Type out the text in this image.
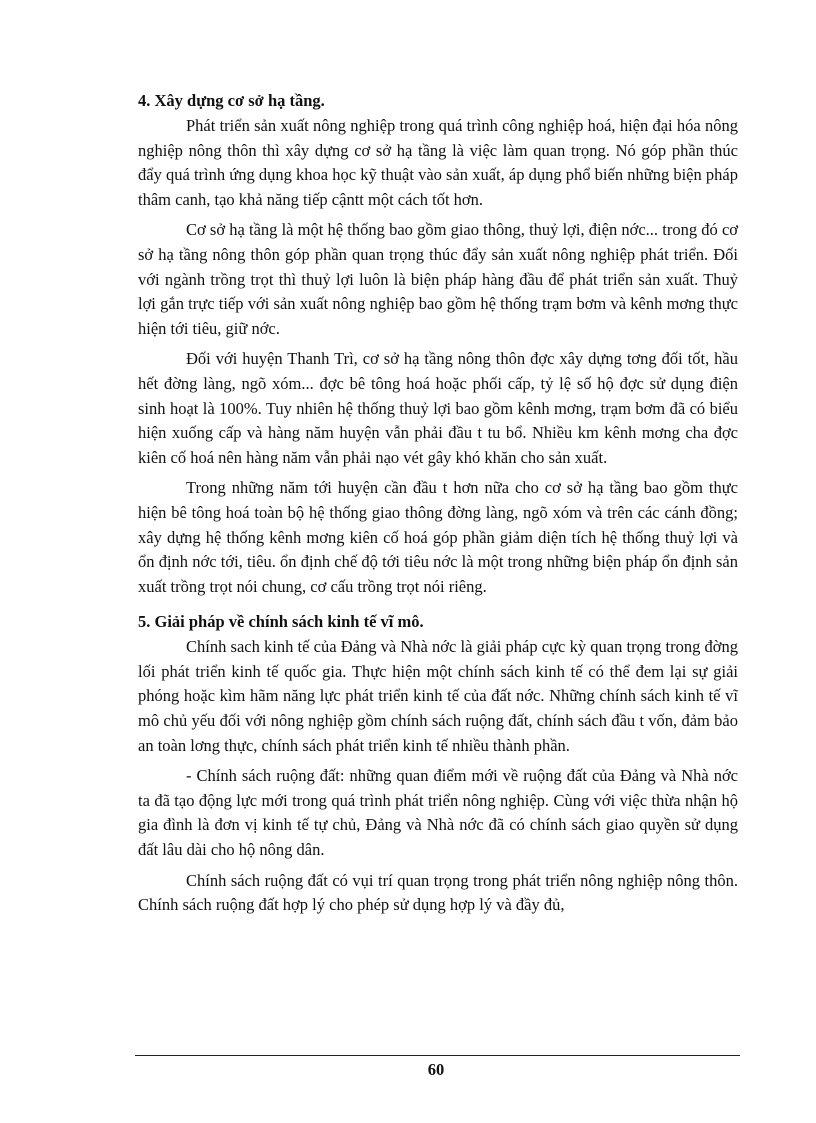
4. Xây dựng cơ sở hạ tầng.

Phát triển sản xuất nông nghiệp trong quá trình công nghiệp hoá, hiện đại hóa nông nghiệp nông thôn thì xây dựng cơ sở hạ tầng là việc làm quan trọng. Nó góp phần thúc đẩy quá trình ứng dụng khoa học kỹ thuật vào sản xuất, áp dụng phổ biến những biện pháp thâm canh, tạo khả năng tiếp cậntt một cách tốt hơn.

Cơ sở hạ tầng là một hệ thống bao gồm giao thông, thuỷ lợi, điện nớc... trong đó cơ sở hạ tầng nông thôn góp phần quan trọng thúc đẩy sản xuất nông nghiệp phát triển. Đối với ngành trồng trọt thì thuỷ lợi luôn là biện pháp hàng đầu để phát triển sản xuất. Thuỷ lợi gắn trực tiếp với sản xuất nông nghiệp bao gồm hệ thống trạm bơm và kênh mơng thực hiện tới tiêu, giữ nớc.

Đối với huyện Thanh Trì, cơ sở hạ tầng nông thôn đợc xây dựng tơng đối tốt, hầu hết đờng làng, ngõ xóm... đợc bê tông hoá hoặc phối cấp, tỷ lệ số hộ đợc sử dụng điện sinh hoạt là 100%. Tuy nhiên hệ thống thuỷ lợi bao gồm kênh mơng, trạm bơm đã có biểu hiện xuống cấp và hàng năm huyện vẫn phải đầu t tu bổ. Nhiều km kênh mơng cha đợc kiên cố hoá nên hàng năm vẫn phải nạo vét gây khó khăn cho sản xuất.

Trong những năm tới huyện cần đầu t hơn nữa cho cơ sở hạ tầng bao gồm thực hiện bê tông hoá toàn bộ hệ thống giao thông đờng làng, ngõ xóm và trên các cánh đồng; xây dựng hệ thống kênh mơng kiên cố hoá góp phần giảm diện tích hệ thống thuỷ lợi và ổn định nớc tới, tiêu. ổn định chế độ tới tiêu nớc là một trong những biện pháp ổn định sản xuất trồng trọt nói chung, cơ cấu trồng trọt nói riêng.

5. Giải pháp về chính sách kinh tế vĩ mô.

Chính sach kinh tế của Đảng và Nhà nớc là giải pháp cực kỳ quan trọng trong đờng lối phát triển kinh tế quốc gia. Thực hiện một chính sách kinh tế có thể đem lại sự giải phóng hoặc kìm hãm năng lực phát triển kinh tế của đất nớc. Những chính sách kinh tế vĩ mô chủ yếu đối với nông nghiệp gồm chính sách ruộng đất, chính sách đầu t vốn, đảm bảo an toàn lơng thực, chính sách phát triển kinh tế nhiều thành phần.

- Chính sách ruộng đất: những quan điểm mới về ruộng đất của Đảng và Nhà nớc ta đã tạo động lực mới trong quá trình phát triển nông nghiệp. Cùng với việc thừa nhận hộ gia đình là đơn vị kinh tế tự chủ, Đảng và Nhà nớc đã có chính sách giao quyền sử dụng đất lâu dài cho hộ nông dân.

Chính sách ruộng đất có vụi trí quan trọng trong phát triển nông nghiệp nông thôn. Chính sách ruộng đất hợp lý cho phép sử dụng hợp lý và đầy đủ,

60
